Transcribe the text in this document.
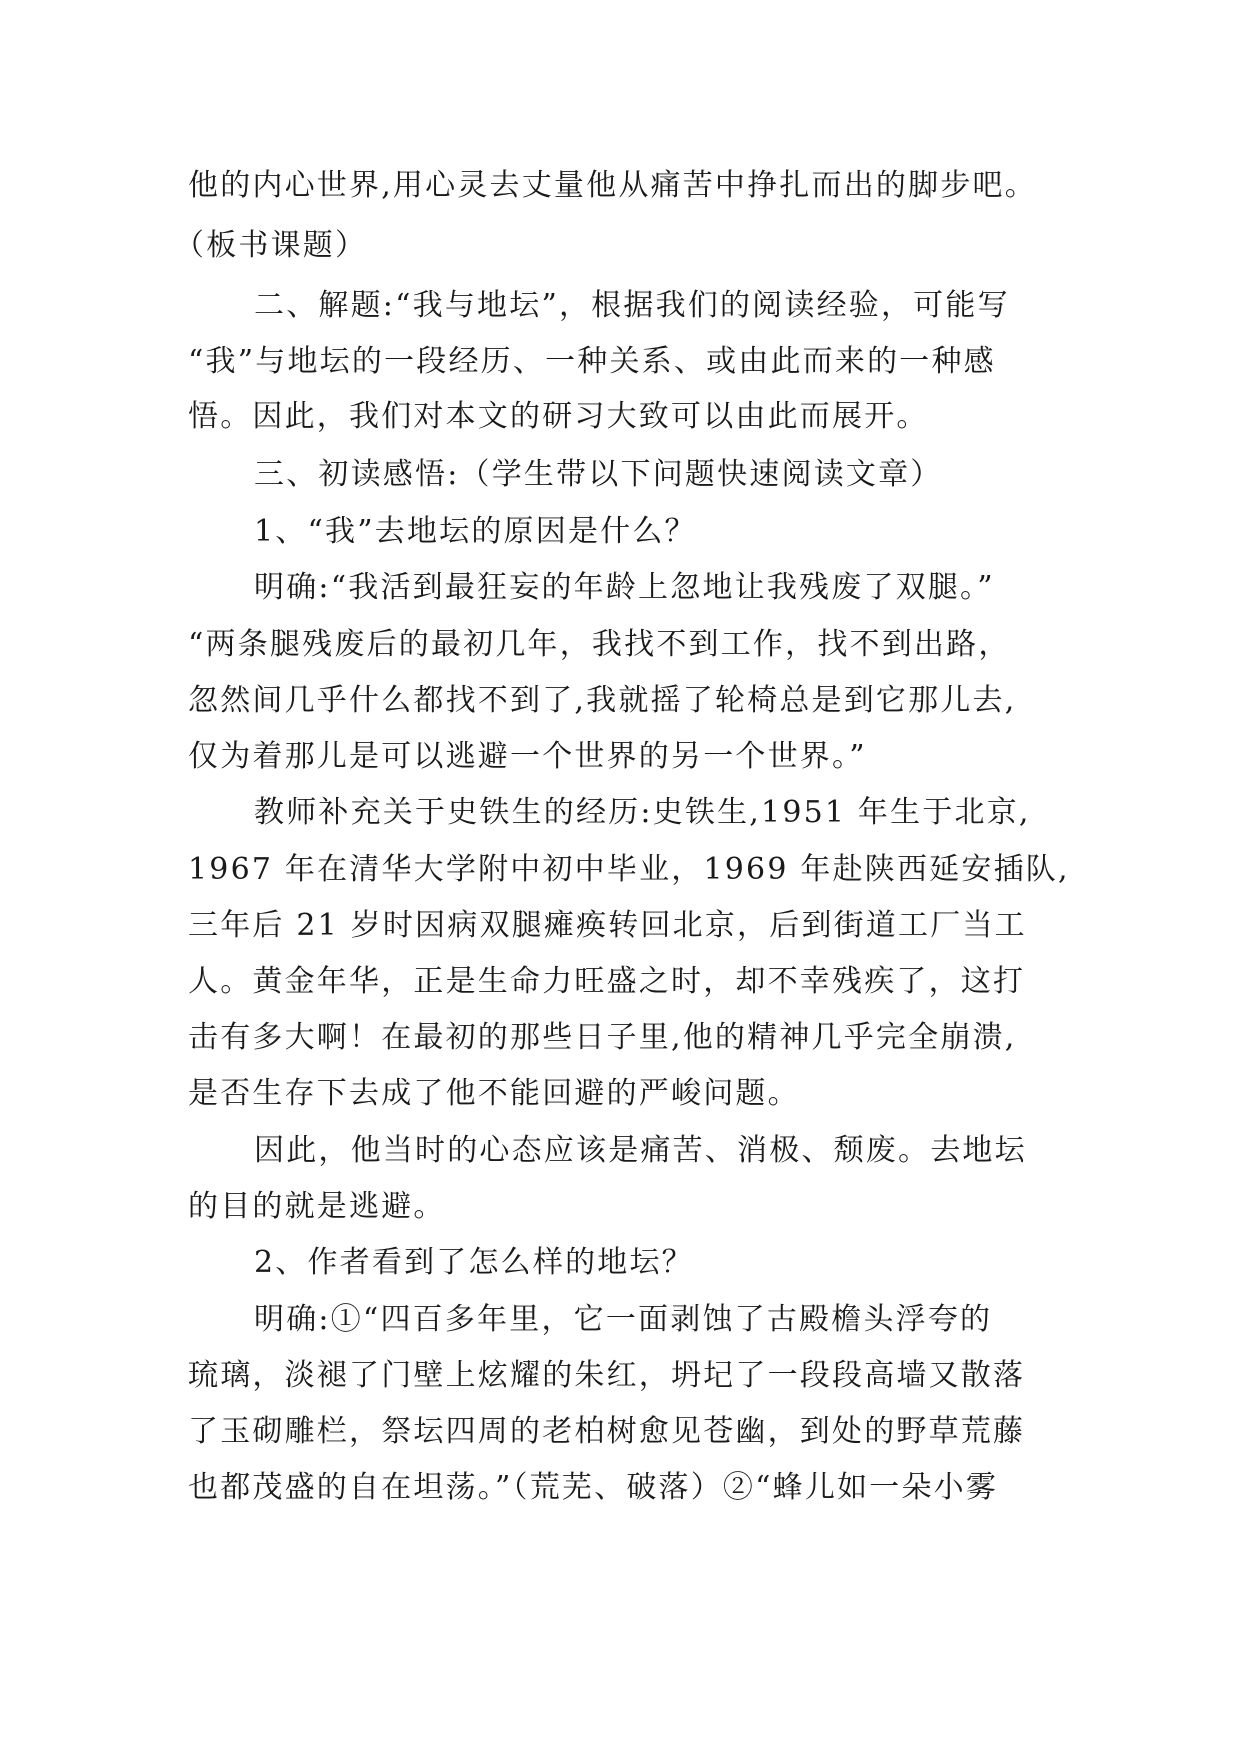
他的内心世界,用心灵去丈量他从痛苦中挣扎而出的脚步吧。
（板书课题）
二、解题:“我与地坛”，根据我们的阅读经验，可能写
“我”与地坛的一段经历、一种关系、或由此而来的一种感
悟。因此，我们对本文的研习大致可以由此而展开。
三、初读感悟:（学生带以下问题快速阅读文章）
1、“我”去地坛的原因是什么？
明确:“我活到最狂妄的年龄上忽地让我残废了双腿。”
“两条腿残废后的最初几年，我找不到工作，找不到出路，
忽然间几乎什么都找不到了,我就摇了轮椅总是到它那儿去,
仅为着那儿是可以逃避一个世界的另一个世界。”
教师补充关于史铁生的经历:史铁生,1951 年生于北京,
1967 年在清华大学附中初中毕业，1969 年赴陕西延安插队,
三年后 21 岁时因病双腿瘫痪转回北京，后到街道工厂当工
人。黄金年华，正是生命力旺盛之时，却不幸残疾了，这打
击有多大啊！在最初的那些日子里,他的精神几乎完全崩溃,
是否生存下去成了他不能回避的严峻问题。
因此，他当时的心态应该是痛苦、消极、颓废。去地坛
的目的就是逃避。
2、作者看到了怎么样的地坛？
明确:①“四百多年里，它一面剥蚀了古殿檐头浮夸的
琉璃，淡褪了门壁上炫耀的朱红，坍圮了一段段高墙又散落
了玉砌雕栏，祭坛四周的老柏树愈见苍幽，到处的野草荒藤
也都茂盛的自在坦荡。”（荒芜、破落）②“蜂儿如一朵小雾
